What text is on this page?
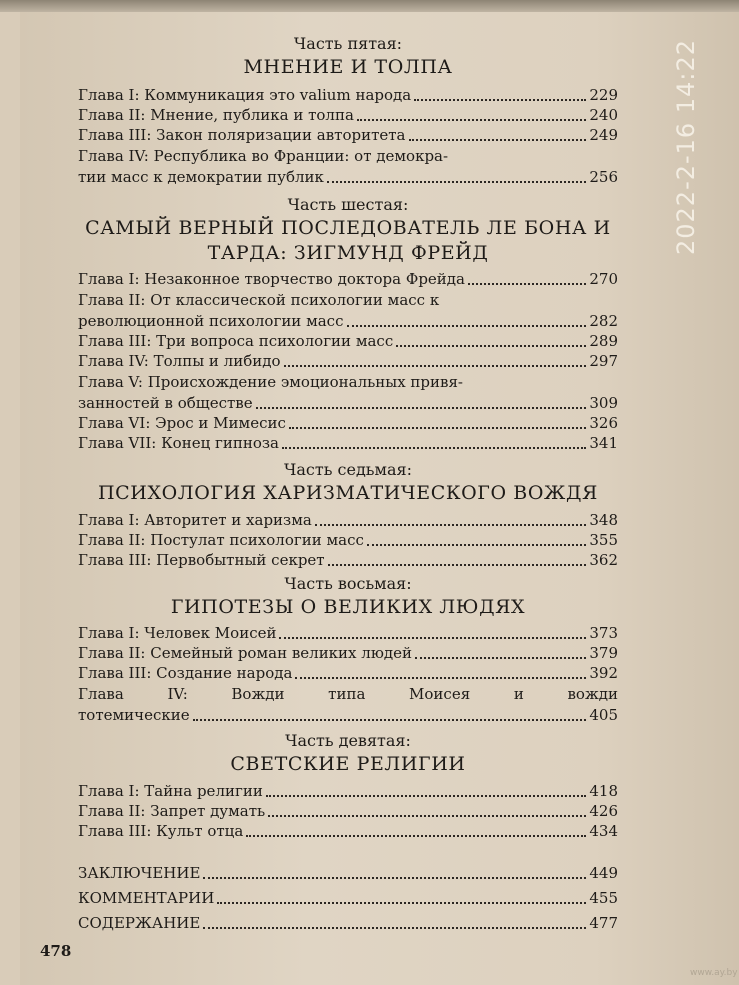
Часть пятая:
МНЕНИЕ И ТОЛПА
Глава I: Коммуникация это valium народа	229
Глава II: Мнение, публика и толпа	240
Глава III: Закон поляризации авторитета	249
Глава IV: Республика во Франции: от демокра-
тии масс к демократии публик	256
Часть шестая:
САМЫЙ ВЕРНЫЙ ПОСЛЕДОВАТЕЛЬ ЛЕ БОНА И
ТАРДА: ЗИГМУНД ФРЕЙД
Глава I: Незаконное творчество доктора Фрейда	270
Глава II: От классической психологии масс к
революционной психологии масс	282
Глава III: Три вопроса психологии масс	289
Глава IV: Толпы и либидо	297
Глава V: Происхождение эмоциональных привя-
занностей в обществе	309
Глава VI: Эрос и Мимесис	326
Глава VII: Конец гипноза	341
Часть седьмая:
ПСИХОЛОГИЯ ХАРИЗМАТИЧЕСКОГО ВОЖДЯ
Глава I: Авторитет и харизма	348
Глава II: Постулат психологии масс	355
Глава III: Первобытный секрет	362
Часть восьмая:
ГИПОТЕЗЫ О ВЕЛИКИХ ЛЮДЯХ
Глава I: Человек Моисей	373
Глава II: Семейный роман великих людей	379
Глава III: Создание народа	392
Глава IV: Вожди типа Моисея и вожди
тотемические	405
Часть девятая:
СВЕТСКИЕ РЕЛИГИИ
Глава I: Тайна религии	418
Глава II: Запрет думать	426
Глава III: Культ отца	434
ЗАКЛЮЧЕНИЕ	449
КОММЕНТАРИИ	455
СОДЕРЖАНИЕ	477
478
2022-2-16 14:22
www.ay.by
